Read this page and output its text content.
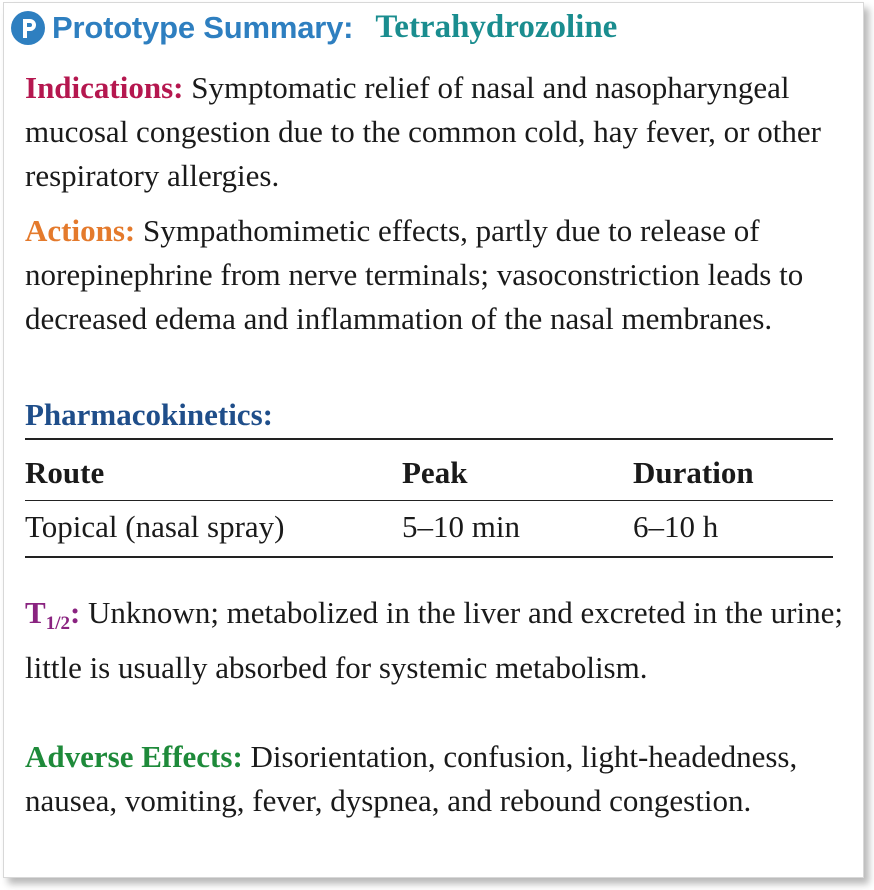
Prototype Summary: Tetrahydrozoline
Indications: Symptomatic relief of nasal and nasopharyngeal mucosal congestion due to the common cold, hay fever, or other respiratory allergies.
Actions: Sympathomimetic effects, partly due to release of norepinephrine from nerve terminals; vasoconstriction leads to decreased edema and inflammation of the nasal membranes.
Pharmacokinetics:
Route	Peak	Duration
Topical (nasal spray)	5–10 min	6–10 h
$T_{1/2}$: Unknown; metabolized in the liver and excreted in the urine; little is usually absorbed for systemic metabolism.
Adverse Effects: Disorientation, confusion, light-headedness, nausea, vomiting, fever, dyspnea, and rebound congestion.
